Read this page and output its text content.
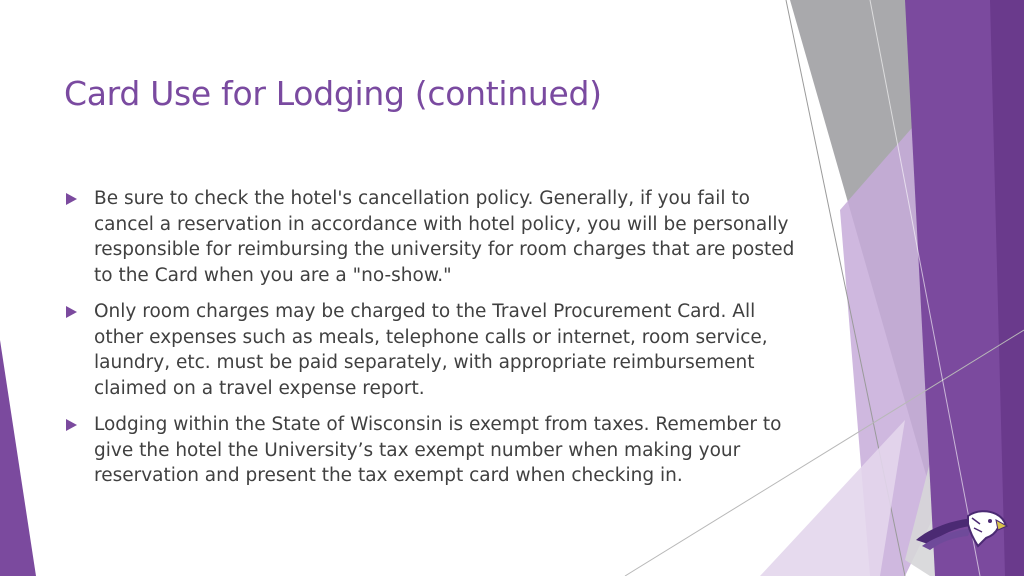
Card Use for Lodging (continued)
Be sure to check the hotel's cancellation policy. Generally, if you fail to cancel a reservation in accordance with hotel policy, you will be personally responsible for reimbursing the university for room charges that are posted to the Card when you are a "no-show."
Only room charges may be charged to the Travel Procurement Card. All other expenses such as meals, telephone calls or internet, room service, laundry, etc. must be paid separately, with appropriate reimbursement claimed on a travel expense report.
Lodging within the State of Wisconsin is exempt from taxes. Remember to give the hotel the University’s tax exempt number when making your reservation and present the tax exempt card when checking in.
